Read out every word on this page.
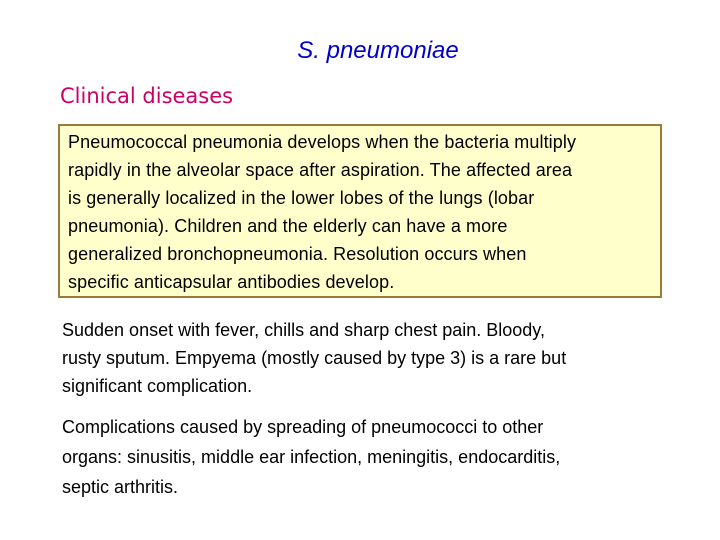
S. pneumoniae
Clinical diseases

Pneumococcal pneumonia develops when the bacteria multiply
rapidly in the alveolar space after aspiration. The affected area
is generally localized in the lower lobes of the lungs (lobar
pneumonia). Children and the elderly can have a more
generalized bronchopneumonia. Resolution occurs when
specific anticapsular antibodies develop.

Sudden onset with fever, chills and sharp chest pain. Bloody,
rusty sputum. Empyema (mostly caused by type 3) is a rare but
significant complication.

Complications caused by spreading of pneumococci to other
organs: sinusitis, middle ear infection, meningitis, endocarditis,
septic arthritis.
